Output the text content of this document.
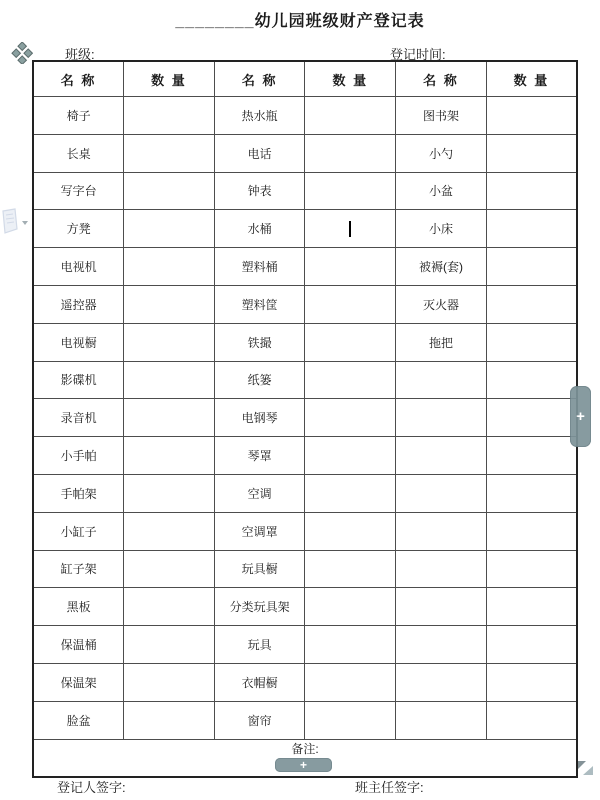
________幼儿园班级财产登记表
班级: ＿＿＿＿＿	登记时间: ＿＿＿＿＿＿
名 称	数 量	名 称	数 量	名 称	数 量
椅子		热水瓶		图书架	
长桌		电话		小勺	
写字台		钟表		小盆	
方凳		水桶		小床	
电视机		塑料桶		被褥(套)	
遥控器		塑料筐		灭火器	
电视橱		铁撮		拖把	
影碟机		纸篓			
录音机		电钢琴			
小手帕		琴罩			
手帕架		空调			
小缸子		空调罩			
缸子架		玩具橱			
黑板		分类玩具架			
保温桶		玩具			
保温架		衣帽橱			
脸盆		窗帘			
备注:					
登记人签字:	班主任签字:
+
+
